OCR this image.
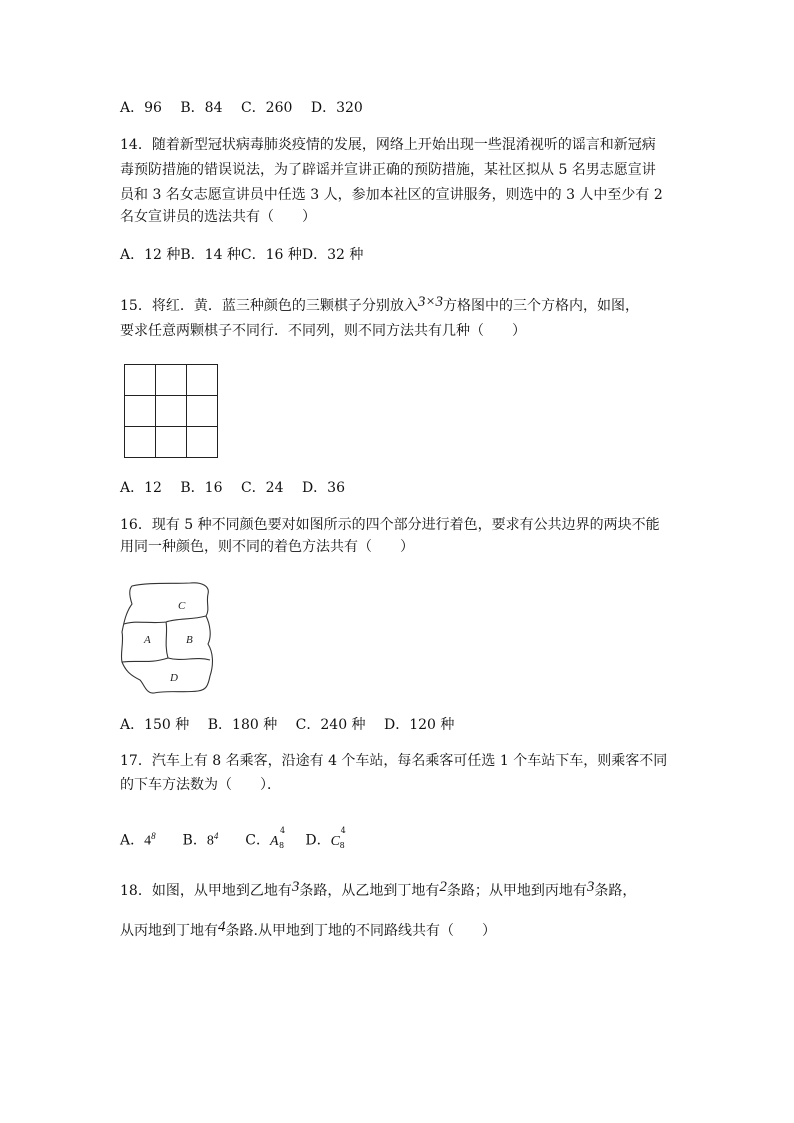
A．96 B．84 C．260 D．320
14．随着新型冠状病毒肺炎疫情的发展，网络上开始出现一些混淆视听的谣言和新冠病
毒预防措施的错误说法，为了辟谣并宣讲正确的预防措施，某社区拟从 5 名男志愿宣讲
员和 3 名女志愿宣讲员中任选 3 人，参加本社区的宣讲服务，则选中的 3 人中至少有 2
名女宣讲员的选法共有（　　）
A．12 种B．14 种C．16 种D．32 种
15．将红．黄．蓝三种颜色的三颗棋子分别放入3×3方格图中的三个方格内，如图，
要求任意两颗棋子不同行．不同列，则不同方法共有几种（　　）

A．12 B．16 C．24 D．36
16．现有 5 种不同颜色要对如图所示的四个部分进行着色，要求有公共边界的两块不能
用同一种颜色，则不同的着色方法共有（　　）
C
A	B
D
A．150 种 B．180 种 C．240 种 D．120 种
17．汽车上有 8 名乘客，沿途有 4 个车站，每名乘客可任选 1 个车站下车，则乘客不同
的下车方法数为（　　）．
A．$4^8$ B．$8^4$ C．A
4
8 D．C
4
8
18．如图，从甲地到乙地有3条路，从乙地到丁地有2条路；从甲地到丙地有3条路，
从丙地到丁地有4条路.从甲地到丁地的不同路线共有（　　）
